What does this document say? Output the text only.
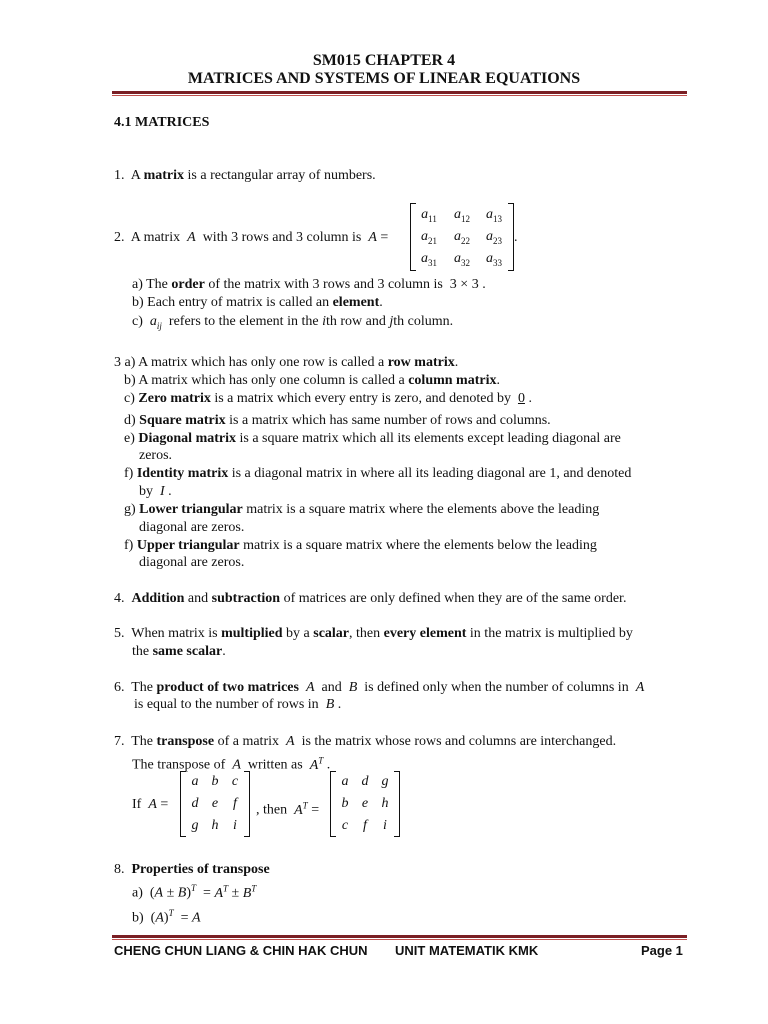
SM015 CHAPTER 4
MATRICES AND SYSTEMS OF LINEAR EQUATIONS
4.1 MATRICES
1.  A matrix is a rectangular array of numbers.
2.  A matrix  A  with 3 rows and 3 column is  A =
$a_{11}$ $a_{12}$ $a_{13}$
$a_{21}$ $a_{22}$ $a_{23}$
$a_{31}$ $a_{32}$ $a_{33}$
.
a) The order of the matrix with 3 rows and 3 column is  3 × 3 .
b) Each entry of matrix is called an element.
c)  $a_{ij}$  refers to the element in the ith row and jth column.
3 a) A matrix which has only one row is called a row matrix.
b) A matrix which has only one column is called a column matrix.
c) Zero matrix is a matrix which every entry is zero, and denoted by  0 .
d) Square matrix is a matrix which has same number of rows and columns.
e) Diagonal matrix is a square matrix which all its elements except leading diagonal are
zeros.
f) Identity matrix is a diagonal matrix in where all its leading diagonal are 1, and denoted
by  I .
g) Lower triangular matrix is a square matrix where the elements above the leading
diagonal are zeros.
f) Upper triangular matrix is a square matrix where the elements below the leading
diagonal are zeros.
4.  Addition and subtraction of matrices are only defined when they are of the same order.
5.  When matrix is multiplied by a scalar, then every element in the matrix is multiplied by
the same scalar.
6.  The product of two matrices A  and  B  is defined only when the number of columns in  A
is equal to the number of rows in  B .
7.  The transpose of a matrix  A  is the matrix whose rows and columns are interchanged.
The transpose of  A  written as  $A^T$ .
If  A =
a b c
d e	f
g h	i
, then  $A^T$ =
a d g
b e h
c	f	i
8.  Properties of transpose
a)  $(A \pm B)^T = A^T \pm B^T$
b)  $(A)^T = A$
CHENG CHUN LIANG & CHIN HAK CHUN UNIT MATEMATIK KMK	Page 1
